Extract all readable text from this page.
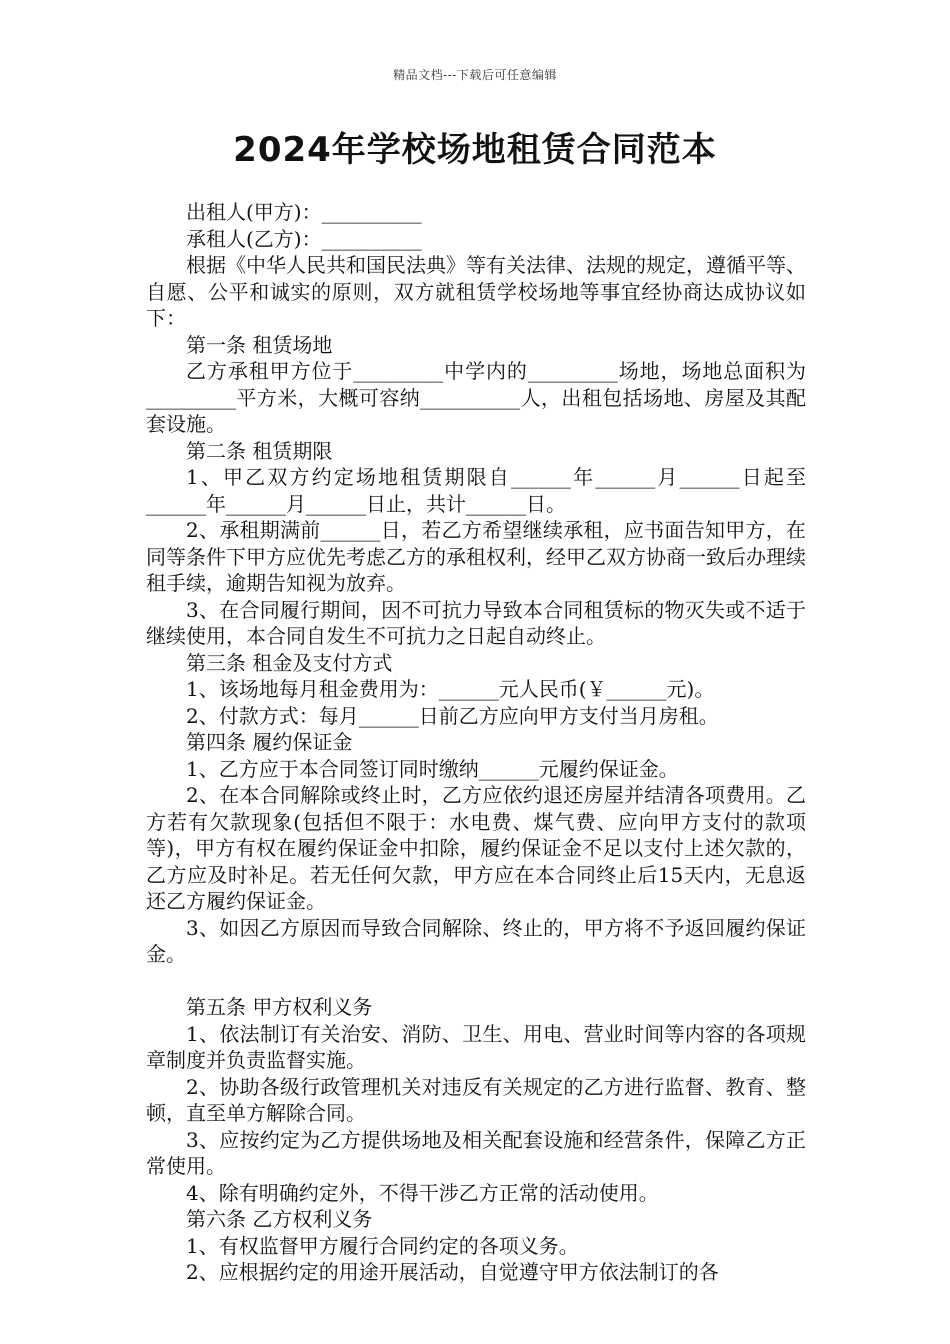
精品文档---下载后可任意编辑
2024年学校场地租赁合同范本

出租人(甲方)：__________

承租人(乙方)：__________

根据《中华人民共和国民法典》等有关法律、法规的规定，遵循平等、自愿、公平和诚实的原则，双方就租赁学校场地等事宜经协商达成协议如下：

第一条 租赁场地

乙方承租甲方位于_________中学内的_________场地，场地总面积为_________平方米，大概可容纳__________人，出租包括场地、房屋及其配套设施。

第二条 租赁期限

1、甲乙双方约定场地租赁期限自______年______月______日起至______年______月______日止，共计______日。

2、承租期满前______日，若乙方希望继续承租，应书面告知甲方，在同等条件下甲方应优先考虑乙方的承租权利，经甲乙双方协商一致后办理续租手续，逾期告知视为放弃。

3、在合同履行期间，因不可抗力导致本合同租赁标的物灭失或不适于继续使用，本合同自发生不可抗力之日起自动终止。

第三条 租金及支付方式

1、该场地每月租金费用为：______元人民币(￥______元)。

2、付款方式：每月______日前乙方应向甲方支付当月房租。

第四条 履约保证金

1、乙方应于本合同签订同时缴纳______元履约保证金。

2、在本合同解除或终止时，乙方应依约退还房屋并结清各项费用。乙方若有欠款现象(包括但不限于：水电费、煤气费、应向甲方支付的款项等)，甲方有权在履约保证金中扣除，履约保证金不足以支付上述欠款的，乙方应及时补足。若无任何欠款，甲方应在本合同终止后15天内，无息返还乙方履约保证金。

3、如因乙方原因而导致合同解除、终止的，甲方将不予返回履约保证金。

第五条 甲方权利义务

1、依法制订有关治安、消防、卫生、用电、营业时间等内容的各项规章制度并负责监督实施。

2、协助各级行政管理机关对违反有关规定的乙方进行监督、教育、整顿，直至单方解除合同。

3、应按约定为乙方提供场地及相关配套设施和经营条件，保障乙方正常使用。

4、除有明确约定外，不得干涉乙方正常的活动使用。

第六条 乙方权利义务

1、有权监督甲方履行合同约定的各项义务。

2、应根据约定的用途开展活动，自觉遵守甲方依法制订的各
